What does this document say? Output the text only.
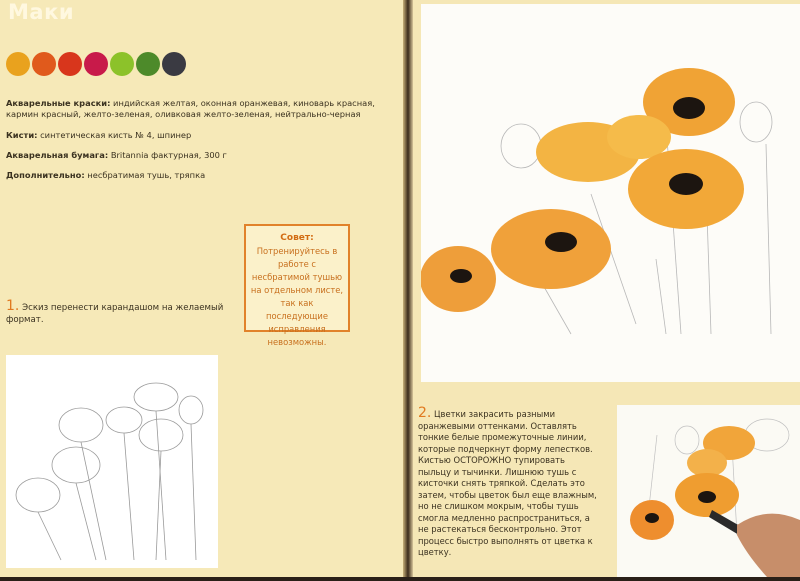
Маки
Акварельные краски: индийская желтая, оконная оранжевая, киноварь красная, кармин красный, желто-зеленая, оливковая желто-зеленая, нейтрально-черная
Кисти: синтетическая кисть № 4, шпинер
Акварельная бумага: Britannia фактурная, 300 г
Дополнительно: несбратимая тушь, тряпка
Совет:
Потренируйтесь в работе с несбратимой тушью на отдельном листе, так как последующие исправления невозможны.
1. Эскиз перенести карандашом на желаемый формат.
2. Цветки закрасить разными оранжевыми оттенками. Оставлять тонкие белые промежуточные линии, которые подчеркнут форму лепестков. Кистью ОСТОРОЖНО тупировать пыльцу и тычинки. Лишнюю тушь с кисточки снять тряпкой. Сделать это затем, чтобы цветок был еще влажным, но не слишком мокрым, чтобы тушь смогла медленно распространиться, а не растекаться бесконтрольно. Этот процесс быстро выполнять от цветка к цветку.
